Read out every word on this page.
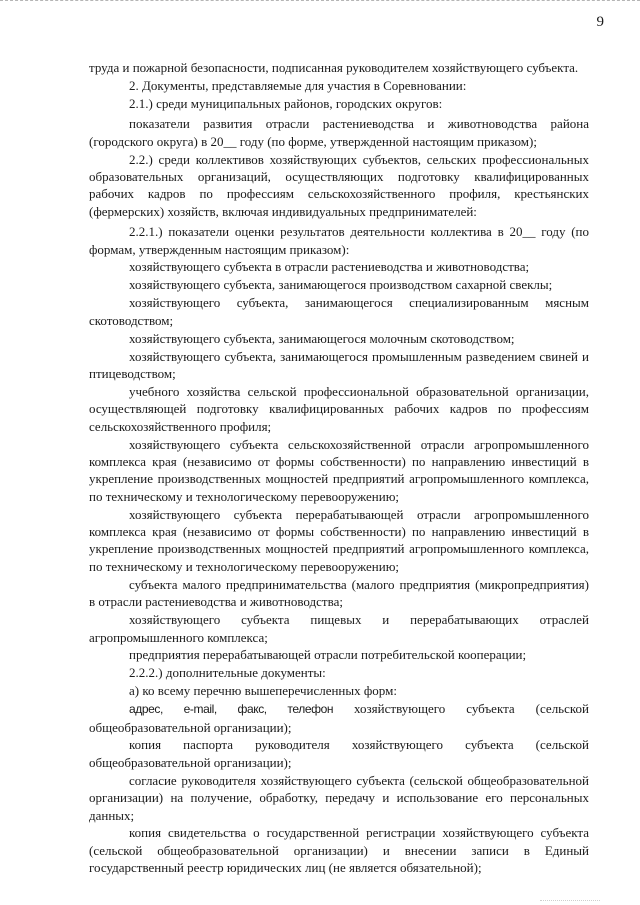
9

труда и пожарной безопасности, подписанная руководителем хозяйствующего субъекта.

2. Документы, представляемые для участия в Соревновании:

2.1.) среди муниципальных районов, городских округов:

показатели развития отрасли растениеводства и животноводства района (городского округа) в 20__ году (по форме, утвержденной настоящим приказом);

2.2.) среди коллективов хозяйствующих субъектов, сельских профессиональных образовательных организаций, осуществляющих подготовку квалифицированных рабочих кадров по профессиям сельскохозяйственного профиля, крестьянских (фермерских) хозяйств, включая индивидуальных предпринимателей:

2.2.1.) показатели оценки результатов деятельности коллектива в 20__ году (по формам, утвержденным настоящим приказом):

хозяйствующего субъекта в отрасли растениеводства и животноводства;

хозяйствующего субъекта, занимающегося производством сахарной свеклы;

хозяйствующего субъекта, занимающегося специализированным мясным скотоводством;

хозяйствующего субъекта, занимающегося молочным скотоводством;

хозяйствующего субъекта, занимающегося промышленным разведением свиней и птицеводством;

учебного хозяйства сельской профессиональной образовательной организации, осуществляющей подготовку квалифицированных рабочих кадров по профессиям сельскохозяйственного профиля;

хозяйствующего субъекта сельскохозяйственной отрасли агропромышленного комплекса края (независимо от формы собственности) по направлению инвестиций в укрепление производственных мощностей предприятий агропромышленного комплекса, по техническому и технологическому перевооружению;

хозяйствующего субъекта перерабатывающей отрасли агропромышленного комплекса края (независимо от формы собственности) по направлению инвестиций в укрепление производственных мощностей предприятий агропромышленного комплекса, по техническому и технологическому перевооружению;

субъекта малого предпринимательства (малого предприятия (микропредприятия) в отрасли растениеводства и животноводства;

хозяйствующего субъекта пищевых и перерабатывающих отраслей агропромышленного комплекса;

предприятия перерабатывающей отрасли потребительской кооперации;

2.2.2.) дополнительные документы:

а) ко всему перечню вышеперечисленных форм:

адрес, e-mail, факс, телефон хозяйствующего субъекта (сельской общеобразовательной организации);

копия паспорта руководителя хозяйствующего субъекта (сельской общеобразовательной организации);

согласие руководителя хозяйствующего субъекта (сельской общеобразовательной организации) на получение, обработку, передачу и использование его персональных данных;

копия свидетельства о государственной регистрации хозяйствующего субъекта (сельской общеобразовательной организации) и внесении записи в Единый государственный реестр юридических лиц (не является обязательной);
